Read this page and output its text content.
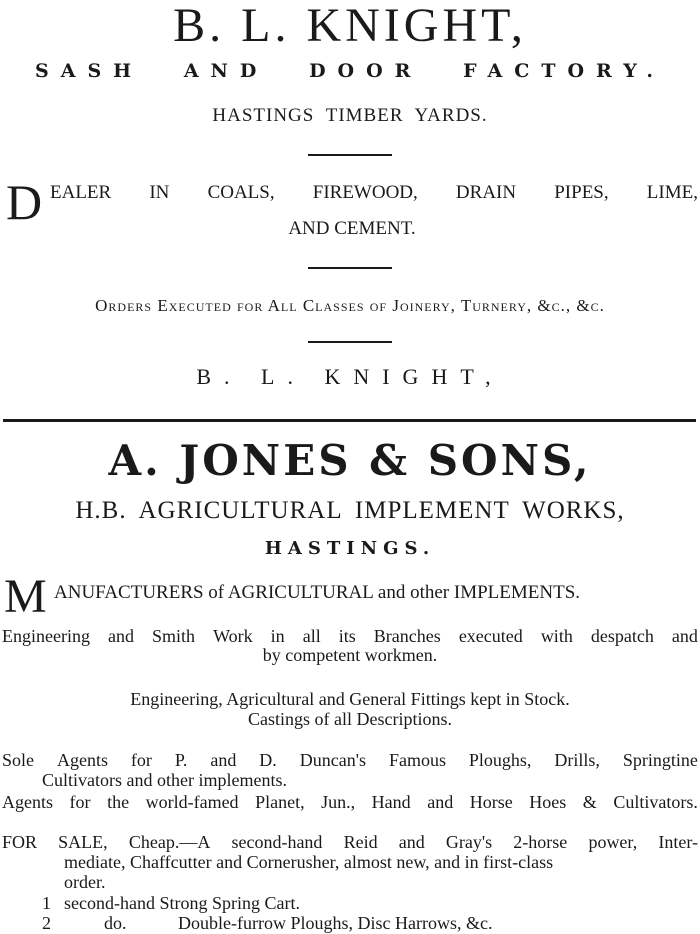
B. L. KNIGHT,
SASH AND DOOR FACTORY.
HASTINGS TIMBER YARDS.
D EALER IN COALS, FIREWOOD, DRAIN PIPES, LIME,
AND CEMENT.
Orders Executed for All Classes of Joinery, Turnery, &c., &c.
B. L. KNIGHT,
A. JONES & SONS,
H.B. AGRICULTURAL IMPLEMENT WORKS,
HASTINGS.
M ANUFACTURERS of AGRICULTURAL and other IMPLEMENTS.
Engineering and Smith Work in all its Branches executed with despatch and
by competent workmen.
Engineering, Agricultural and General Fittings kept in Stock.
Castings of all Descriptions.
Sole Agents for P. and D. Duncan's Famous Ploughs, Drills, Springtine
Cultivators and other implements.
Agents for the world-famed Planet, Jun., Hand and Horse Hoes & Cultivators.
FOR SALE, Cheap.—A second-hand Reid and Gray's 2-horse power, Inter-
mediate, Chaffcutter and Cornerusher, almost new, and in first-class
order.
1 second-hand Strong Spring Cart.
2	do.	Double-furrow Ploughs, Disc Harrows, &c.
